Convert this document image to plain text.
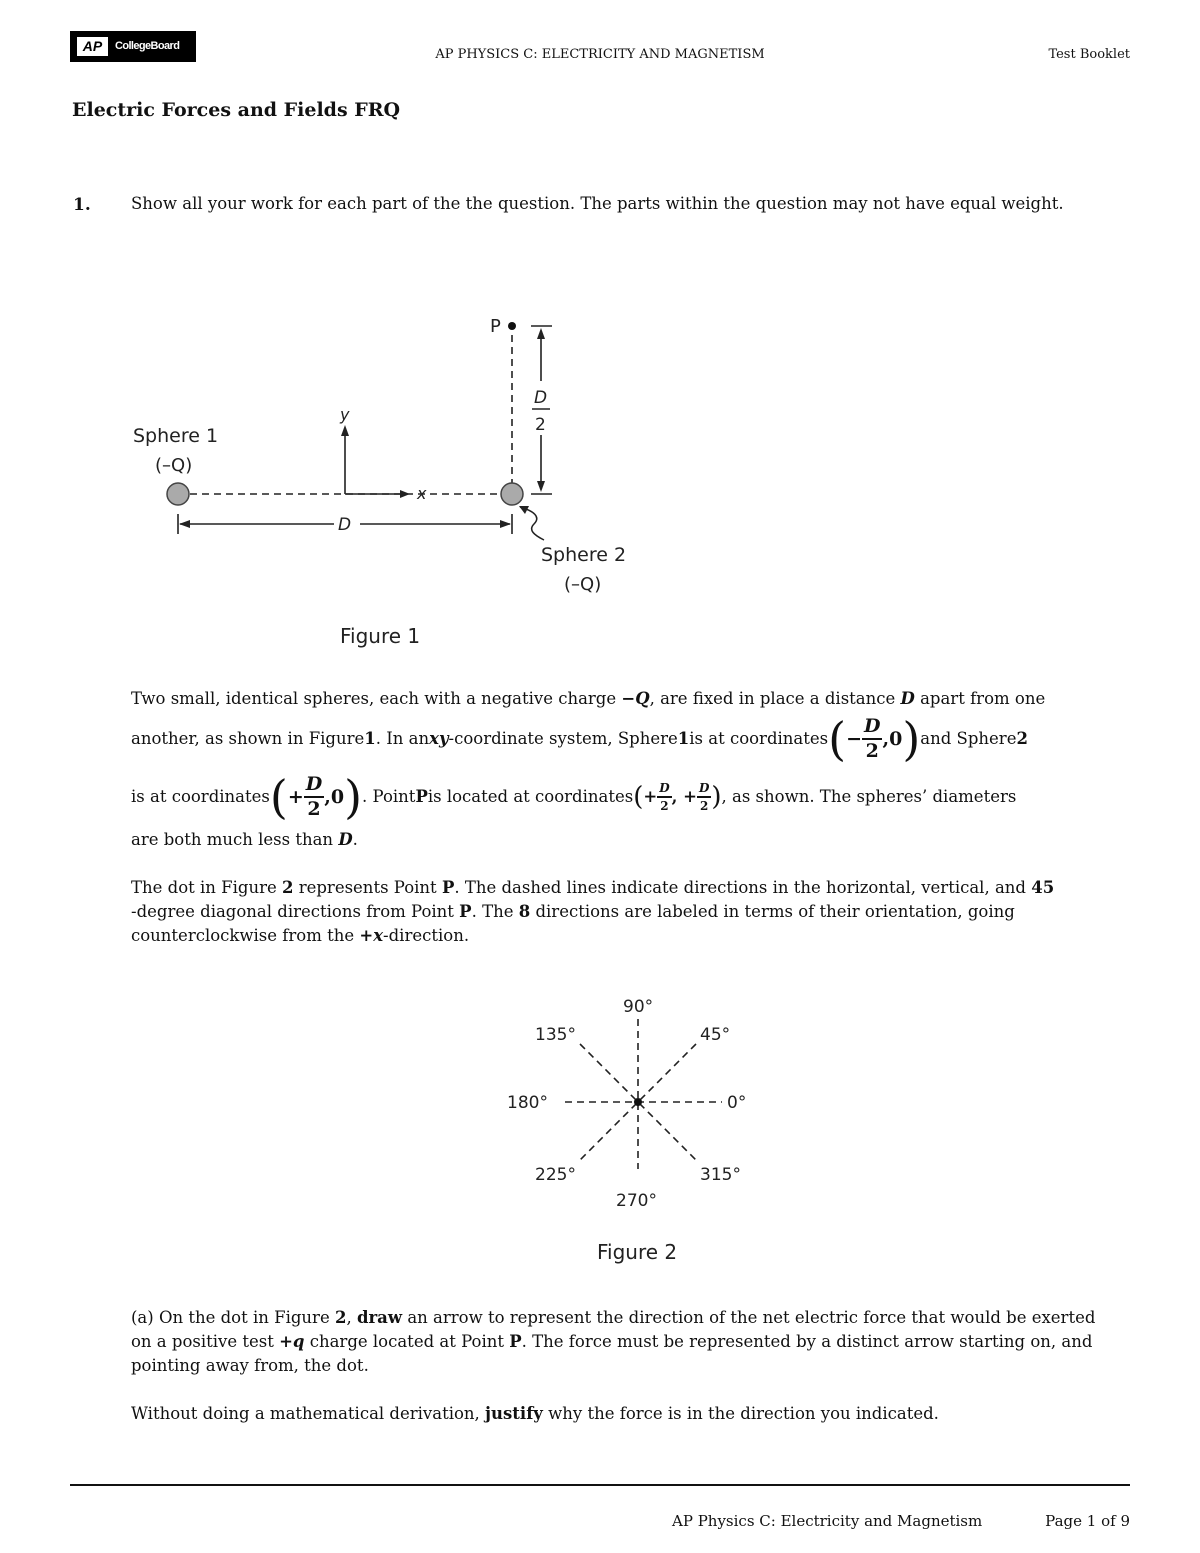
AP	CollegeBoard
AP PHYSICS C: ELECTRICITY AND MAGNETISM	Test Booklet
Electric Forces and Fields FRQ
1. Show all your work for each part of the the question. The parts within the question may not have equal weight.
x
y
P
D
2
D
Sphere 1
(–Q)
Sphere 2
(–Q)
Figure 1
Two small, identical spheres, each with a negative charge −Q, are fixed in place a distance D apart from one
another, as shown in Figure 1 . In an xy -coordinate system, Sphere 1 is at coordinates ( − $\frac{D}{2} ,0$ ) and Sphere 2
is at coordinates ( + $\frac{D}{2} ,0$ ) . Point P is located at coordinates ( + $\frac{D}{2}$ , + $\frac{D}{2}$ ) , as shown. The spheres’ diameters
are both much less than D.
The dot in Figure 2 represents Point P. The dashed lines indicate directions in the horizontal, vertical, and 45
-degree diagonal directions from Point P. The 8 directions are labeled in terms of their orientation, going
counterclockwise from the +x-direction.
0°
45°
90°
135°
180°
225°
270°
315°
Figure 2
(a) On the dot in Figure 2, draw an arrow to represent the direction of the net electric force that would be exerted
on a positive test +q charge located at Point P. The force must be represented by a distinct arrow starting on, and
pointing away from, the dot.
Without doing a mathematical derivation, justify why the force is in the direction you indicated.
AP Physics C: Electricity and Magnetism	Page 1 of 9
